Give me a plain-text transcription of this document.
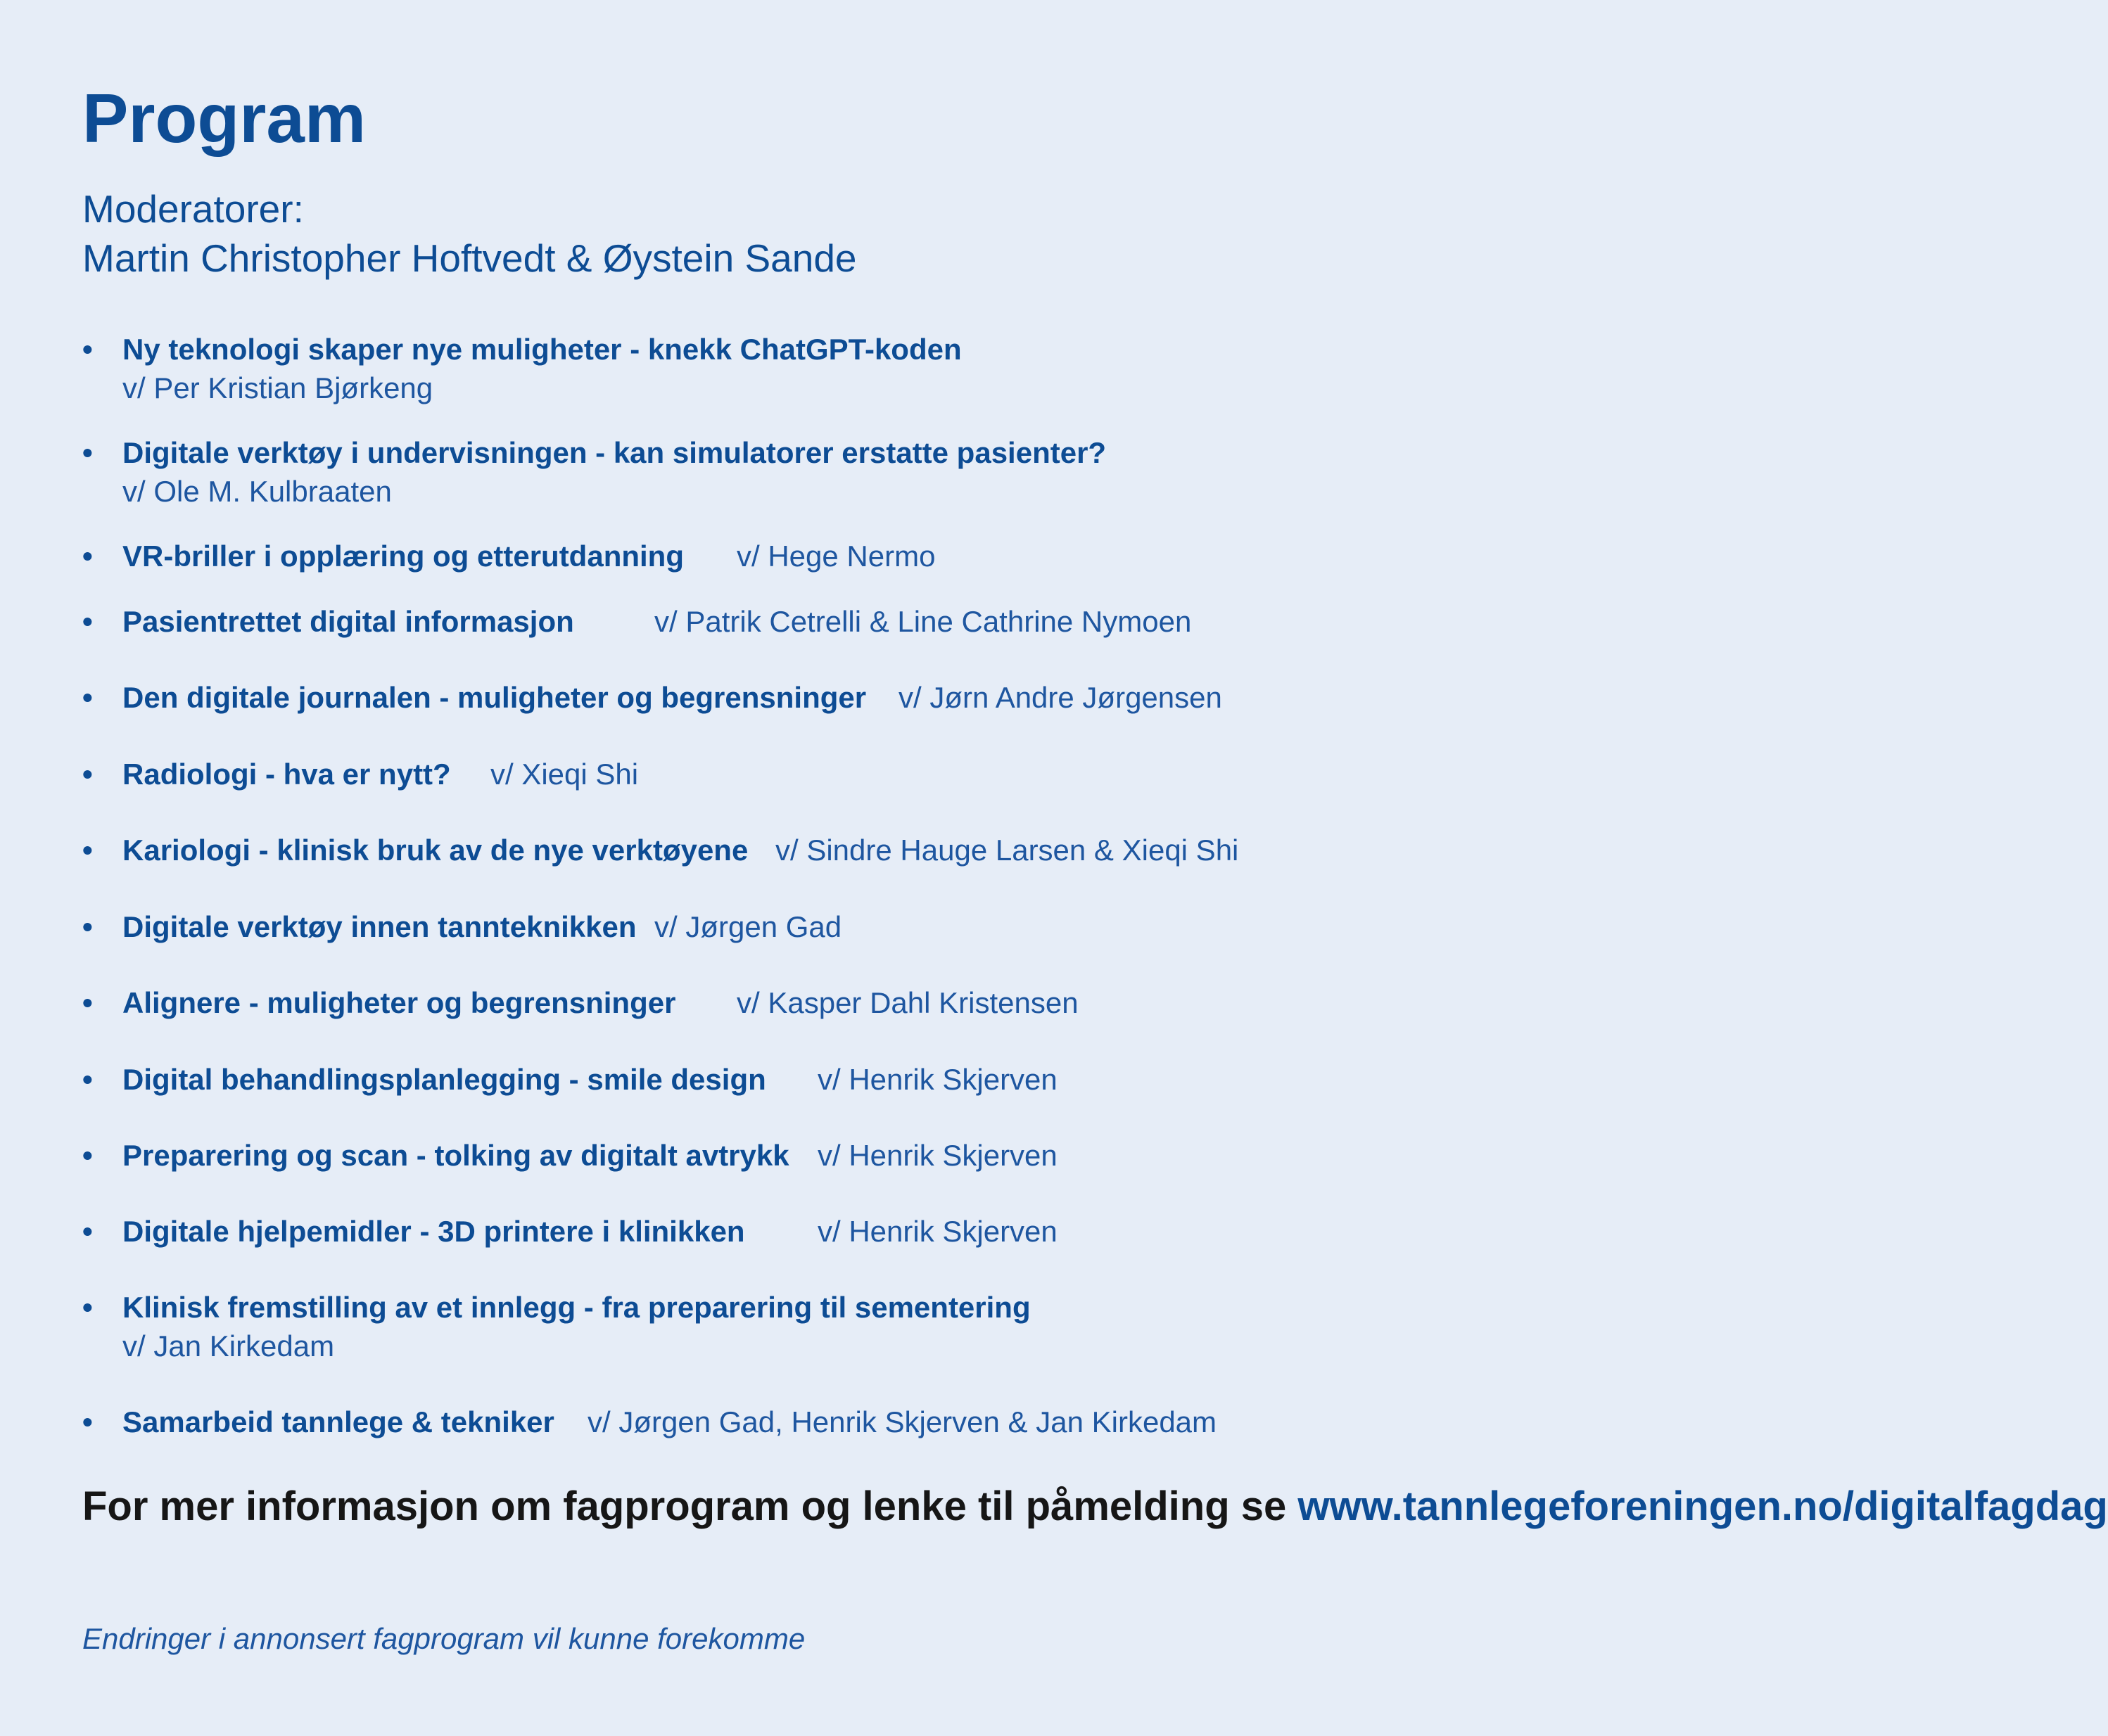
Program
Moderatorer:
Martin Christopher Hoftvedt & Øystein Sande
• Ny teknologi skaper nye muligheter - knekk ChatGPT-koden
v/ Per Kristian Bjørkeng
• Digitale verktøy i undervisningen - kan simulatorer erstatte pasienter?
v/ Ole M. Kulbraaten
• VR-briller i opplæring og etterutdanning v/ Hege Nermo
• Pasientrettet digital informasjon	v/ Patrik Cetrelli & Line Cathrine Nymoen
• Den digitale journalen - muligheter og begrensninger v/ Jørn Andre Jørgensen
• Radiologi - hva er nytt? v/ Xieqi Shi
• Kariologi - klinisk bruk av de nye verktøyene v/ Sindre Hauge Larsen & Xieqi Shi
• Digitale verktøy innen tannteknikken v/ Jørgen Gad
• Alignere - muligheter og begrensninger v/ Kasper Dahl Kristensen
• Digital behandlingsplanlegging - smile design v/ Henrik Skjerven
• Preparering og scan - tolking av digitalt avtrykk v/ Henrik Skjerven
• Digitale hjelpemidler - 3D printere i klinikken v/ Henrik Skjerven
• Klinisk fremstilling av et innlegg - fra preparering til sementering
v/ Jan Kirkedam
• Samarbeid tannlege & tekniker v/ Jørgen Gad, Henrik Skjerven & Jan Kirkedam
For mer informasjon om fagprogram og lenke til påmelding se www.tannlegeforeningen.no/digitalfagdag
Endringer i annonsert fagprogram vil kunne forekomme
